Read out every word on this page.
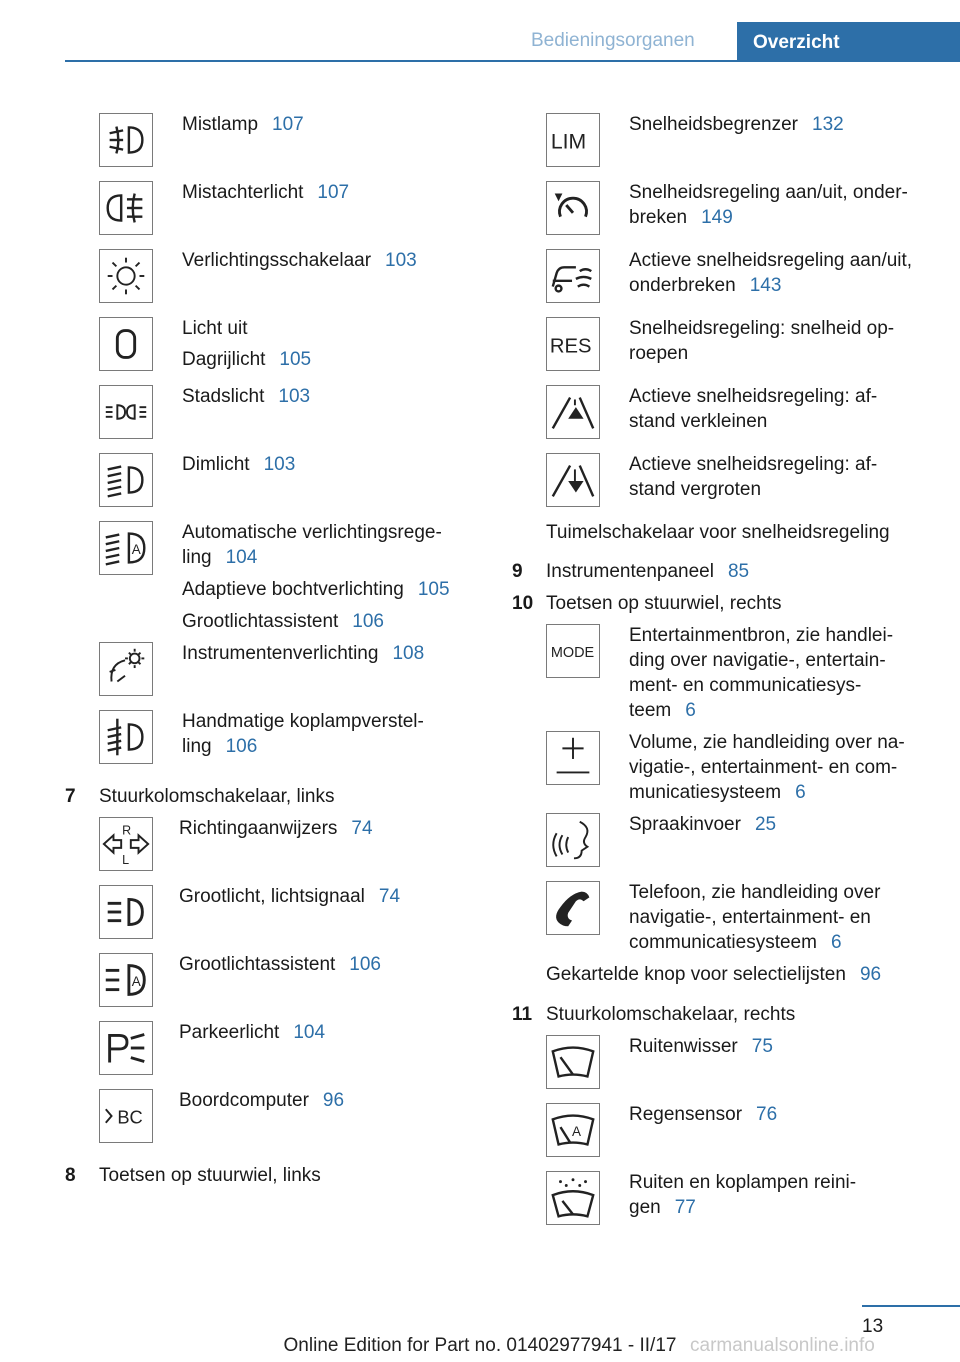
Bedieningsorganen	Overzicht
Mistlamp 107
Mistachterlicht 107
Verlichtingsschakelaar 103
Licht uit
Dagrijlicht 105
Stadslicht 103
Dimlicht 103
A
Automatische verlichtingsrege-
ling 104
Adaptieve bochtverlichting 105
Grootlichtassistent 106
Instrumentenverlichting 108
Handmatige koplampverstel-
ling 106
7 Stuurkolomschakelaar, links
R
L
Richtingaanwijzers 74
Grootlicht, lichtsignaal 74
A
Grootlichtassistent 106
Parkeerlicht 104
BC
Boordcomputer 96
8 Toetsen op stuurwiel, links
LIM
Snelheidsbegrenzer 132
Snelheidsregeling aan/uit, onder-
breken 149
Actieve snelheidsregeling aan/uit,
onderbreken 143
RES
Snelheidsregeling: snelheid op-
roepen
Actieve snelheidsregeling: af-
stand verkleinen
Actieve snelheidsregeling: af-
stand vergroten
Tuimelschakelaar voor snelheidsregeling
9 Instrumentenpaneel 85
10 Toetsen op stuurwiel, rechts
MODE
Entertainmentbron, zie handlei-
ding over navigatie-, entertain-
ment- en communicatiesys-
teem 6
Volume, zie handleiding over na-
vigatie-, entertainment- en com-
municatiesysteem 6
Spraakinvoer 25
Telefoon, zie handleiding over
navigatie-, entertainment- en
communicatiesysteem 6
Gekartelde knop voor selectielijsten 96
11 Stuurkolomschakelaar, rechts
Ruitenwisser 75
A
Regensensor 76
Ruiten en koplampen reini-
gen 77
13
Online Edition for Part no. 01402977941 - II/17 carmanualsonline.info
